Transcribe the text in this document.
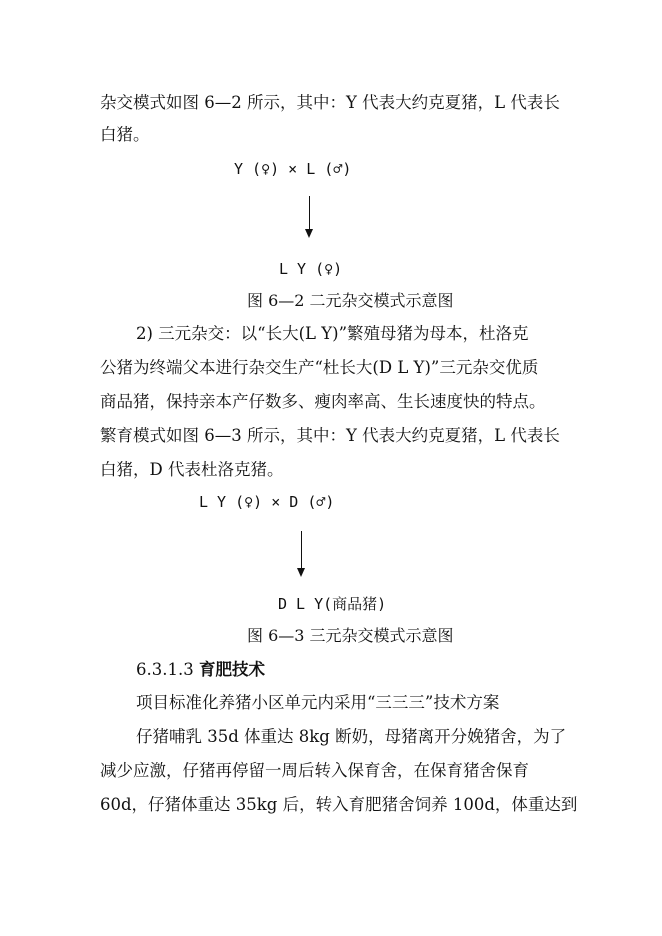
杂交模式如图 6—2 所示，其中：Y 代表大约克夏猪，L 代表长
白猪。
Y (♀) × L (♂)
L Y (♀)
图 6—2 二元杂交模式示意图
2) 三元杂交：以“长大(L Y)”繁殖母猪为母本，杜洛克
公猪为终端父本进行杂交生产“杜长大(D L Y)”三元杂交优质
商品猪，保持亲本产仔数多、瘦肉率高、生长速度快的特点。
繁育模式如图 6—3 所示，其中：Y 代表大约克夏猪，L 代表长
白猪，D 代表杜洛克猪。
L Y (♀) × D (♂)
D L Y(商品猪)
图 6—3 三元杂交模式示意图
6.3.1.3 育肥技术
项目标准化养猪小区单元内采用“三三三”技术方案
仔猪哺乳 35d 体重达 8kg 断奶，母猪离开分娩猪舍，为了
减少应激，仔猪再停留一周后转入保育舍，在保育猪舍保育
60d，仔猪体重达 35kg 后，转入育肥猪舍饲养 100d，体重达到
